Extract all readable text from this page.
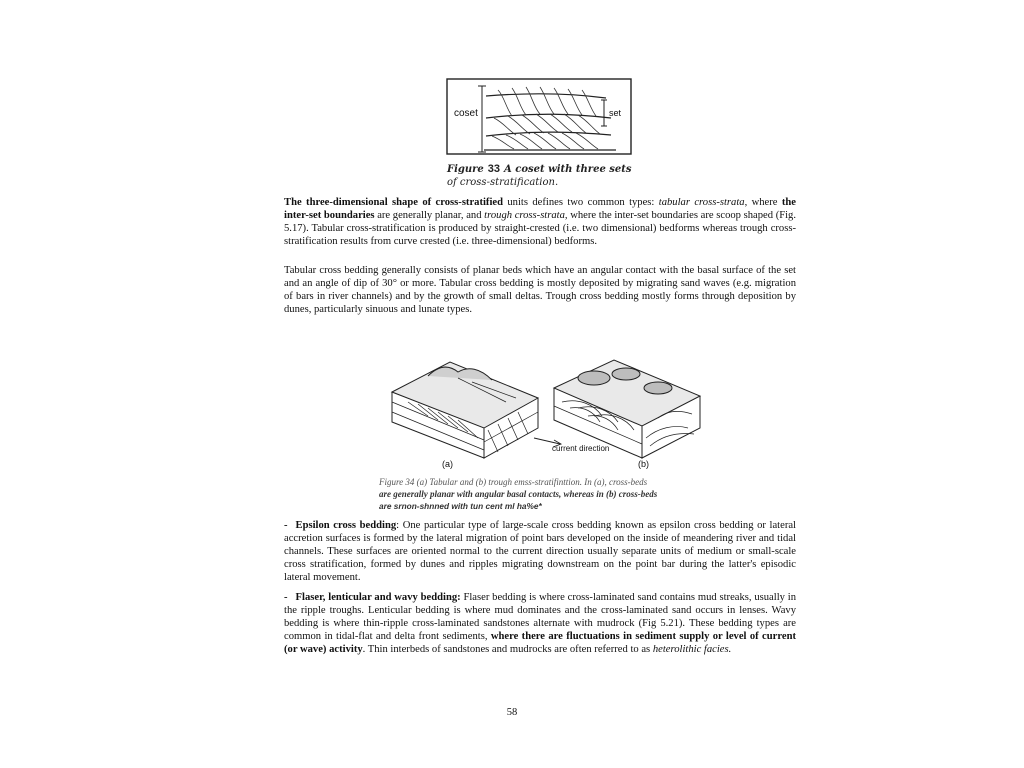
coset	set
Figure 33 A coset with three sets
of cross-stratification.

The three-dimensional shape of cross-stratified units defines two common types: tabular cross-strata, where the inter-set boundaries are generally planar, and trough cross-strata, where the inter-set boundaries are scoop shaped (Fig. 5.17). Tabular cross-stratification is produced by straight-crested (i.e. two dimensional) bedforms whereas trough cross-stratification results from curve crested (i.e. three-dimensional) bedforms.

Tabular cross bedding generally consists of planar beds which have an angular contact with the basal surface of the set and an angle of dip of 30° or more. Tabular cross bedding is mostly deposited by migrating sand waves (e.g. migration of bars in river channels) and by the growth of small deltas. Trough cross bedding mostly forms through deposition by dunes, particularly sinuous and lunate types.

current direction
(a)	(b)
Figure 34 (a) Tabular and (b) trough emss-stratifinttion. In (a), cross-beds
are generally planar with angular basal contacts, whereas in (b) cross-beds
are srnon-shnned with tun cent ml ha%e*

- Epsilon cross bedding: One particular type of large-scale cross bedding known as epsilon cross bedding or lateral accretion surfaces is formed by the lateral migration of point bars developed on the inside of meandering river and tidal channels. These surfaces are oriented normal to the current direction usually separate units of medium or small-scale cross stratification, formed by dunes and ripples migrating downstream on the point bar during the latter's episodic lateral movement.

- Flaser, lenticular and wavy bedding: Flaser bedding is where cross-laminated sand contains mud streaks, usually in the ripple troughs. Lenticular bedding is where mud dominates and the cross-laminated sand occurs in lenses. Wavy bedding is where thin-ripple cross-laminated sandstones alternate with mudrock (Fig 5.21). These bedding types are common in tidal-flat and delta front sediments, where there are fluctuations in sediment supply or level of current (or wave) activity. Thin interbeds of sandstones and mudrocks are often referred to as heterolithic facies.

58
